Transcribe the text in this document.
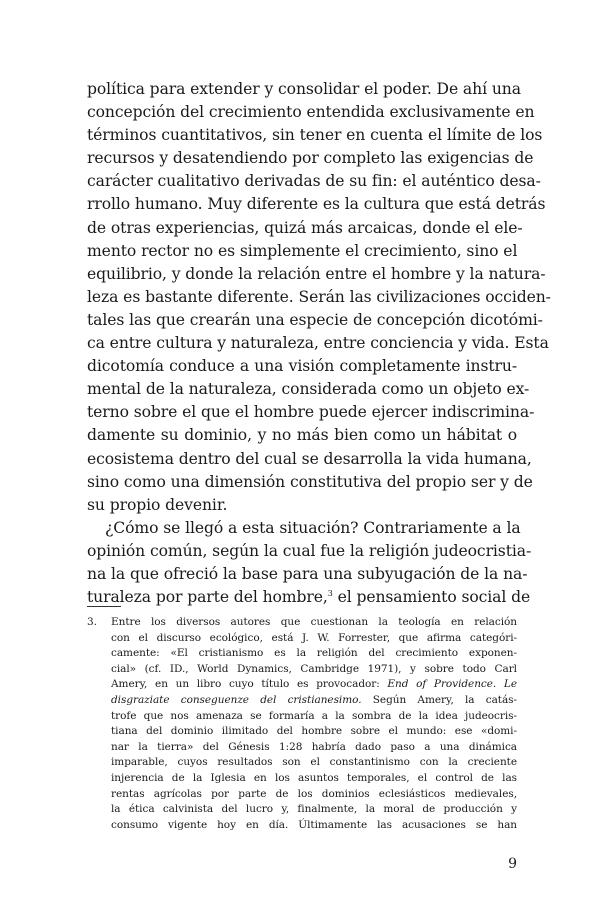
política para extender y consolidar el poder. De ahí una
concepción del crecimiento entendida exclusivamente en
términos cuantitativos, sin tener en cuenta el límite de los
recursos y desatendiendo por completo las exigencias de
carácter cualitativo derivadas de su fin: el auténtico desa-
rrollo humano. Muy diferente es la cultura que está detrás
de otras experiencias, quizá más arcaicas, donde el ele-
mento rector no es simplemente el crecimiento, sino el
equilibrio, y donde la relación entre el hombre y la natura-
leza es bastante diferente. Serán las civilizaciones occiden-
tales las que crearán una especie de concepción dicotómi-
ca entre cultura y naturaleza, entre conciencia y vida. Esta
dicotomía conduce a una visión completamente instru-
mental de la naturaleza, considerada como un objeto ex-
terno sobre el que el hombre puede ejercer indiscrimina-
damente su dominio, y no más bien como un hábitat o
ecosistema dentro del cual se desarrolla la vida humana,
sino como una dimensión constitutiva del propio ser y de
su propio devenir.

¿Cómo se llegó a esta situación? Contrariamente a la
opinión común, según la cual fue la religión judeocristia-
na la que ofreció la base para una subyugación de la na-
turaleza por parte del hombre,$^3$ el pensamiento social de

3. Entre los diversos autores que cuestionan la teología en relación
con el discurso ecológico, está J. W. Forrester, que afirma categóri-
camente: «El cristianismo es la religión del crecimiento exponen-
cial» (cf. ID., World Dynamics, Cambridge 1971), y sobre todo Carl
Amery, en un libro cuyo título es provocador: End of Providence. Le
disgraziate conseguenze del cristianesimo. Según Amery, la catás-
trofe que nos amenaza se formaría a la sombra de la idea judeocris-
tiana del dominio ilimitado del hombre sobre el mundo: ese «domi-
nar la tierra» del Génesis 1:28 habría dado paso a una dinámica
imparable, cuyos resultados son el constantinismo con la creciente
injerencia de la Iglesia en los asuntos temporales, el control de las
rentas agrícolas por parte de los dominios eclesiásticos medievales,
la ética calvinista del lucro y, finalmente, la moral de producción y
consumo vigente hoy en día. Últimamente las acusaciones se han
9
